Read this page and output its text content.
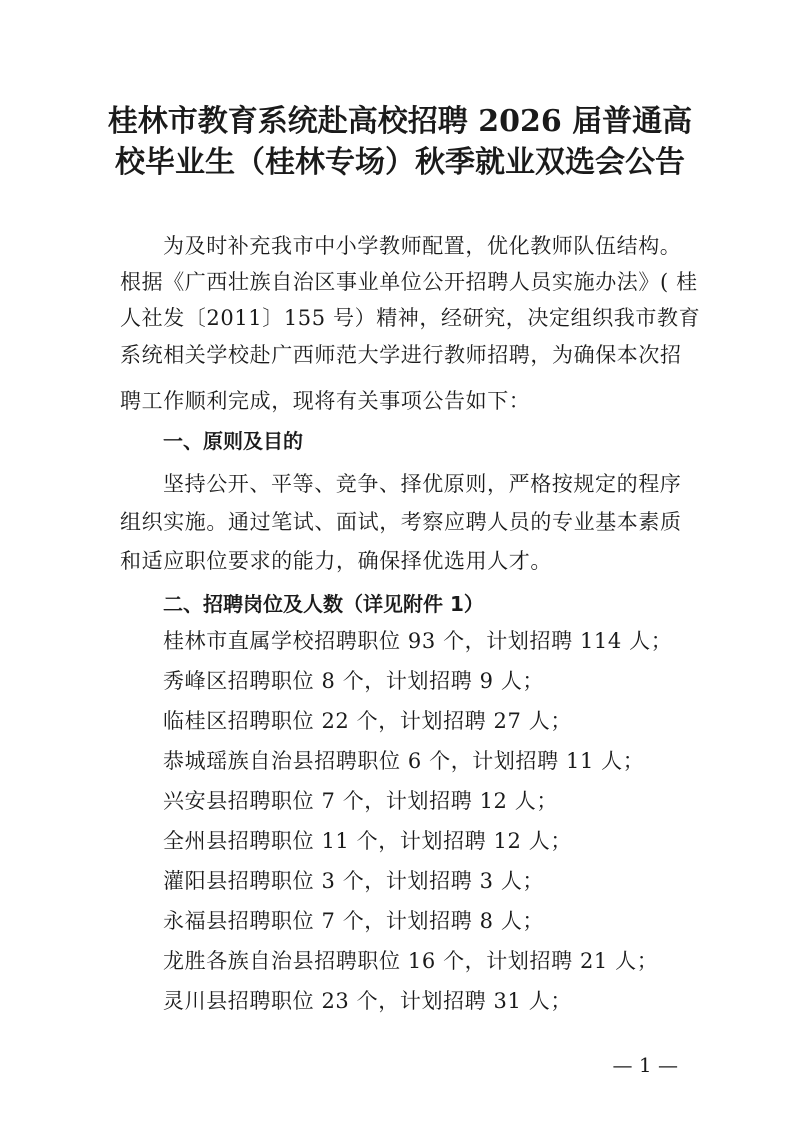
桂林市教育系统赴高校招聘 2026 届普通高
校毕业生（桂林专场）秋季就业双选会公告

为及时补充我市中小学教师配置，优化教师队伍结构。

根据《广西壮族自治区事业单位公开招聘人员实施办法》( 桂

人社发〔2011〕155 号）精神，经研究，决定组织我市教育

系统相关学校赴广西师范大学进行教师招聘，为确保本次招

聘工作顺利完成，现将有关事项公告如下：

一、原则及目的

坚持公开、平等、竞争、择优原则，严格按规定的程序

组织实施。通过笔试、面试，考察应聘人员的专业基本素质

和适应职位要求的能力，确保择优选用人才。

二、招聘岗位及人数（详见附件 1）

桂林市直属学校招聘职位 93 个，计划招聘 114 人；

秀峰区招聘职位 8 个，计划招聘 9 人；

临桂区招聘职位 22 个，计划招聘 27 人；

恭城瑶族自治县招聘职位 6 个，计划招聘 11 人；

兴安县招聘职位 7 个，计划招聘 12 人；

全州县招聘职位 11 个，计划招聘 12 人；

灌阳县招聘职位 3 个，计划招聘 3 人；

永福县招聘职位 7 个，计划招聘 8 人；

龙胜各族自治县招聘职位 16 个，计划招聘 21 人；

灵川县招聘职位 23 个，计划招聘 31 人；

— 1 —
